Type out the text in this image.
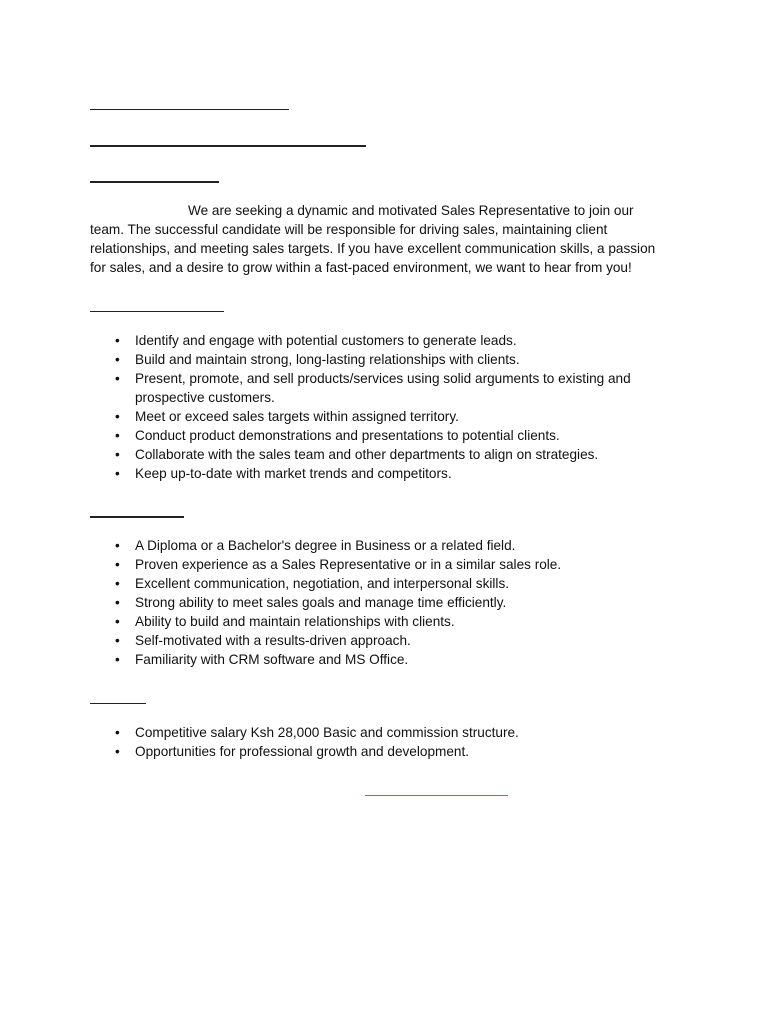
We are seeking a dynamic and motivated Sales Representative to join our team. The successful candidate will be responsible for driving sales, maintaining client relationships, and meeting sales targets. If you have excellent communication skills, a passion for sales, and a desire to grow within a fast-paced environment, we want to hear from you!

•	Identify and engage with potential customers to generate leads.
•	Build and maintain strong, long-lasting relationships with clients.
•	Present, promote, and sell products/services using solid arguments to existing and prospective customers.
•	Meet or exceed sales targets within assigned territory.
•	Conduct product demonstrations and presentations to potential clients.
•	Collaborate with the sales team and other departments to align on strategies.
•	Keep up-to-date with market trends and competitors.
•	A Diploma or a Bachelor's degree in Business or a related field.
•	Proven experience as a Sales Representative or in a similar sales role.
•	Excellent communication, negotiation, and interpersonal skills.
•	Strong ability to meet sales goals and manage time efficiently.
•	Ability to build and maintain relationships with clients.
•	Self-motivated with a results-driven approach.
•	Familiarity with CRM software and MS Office.
•	Competitive salary Ksh 28,000 Basic and commission structure.
•	Opportunities for professional growth and development.
